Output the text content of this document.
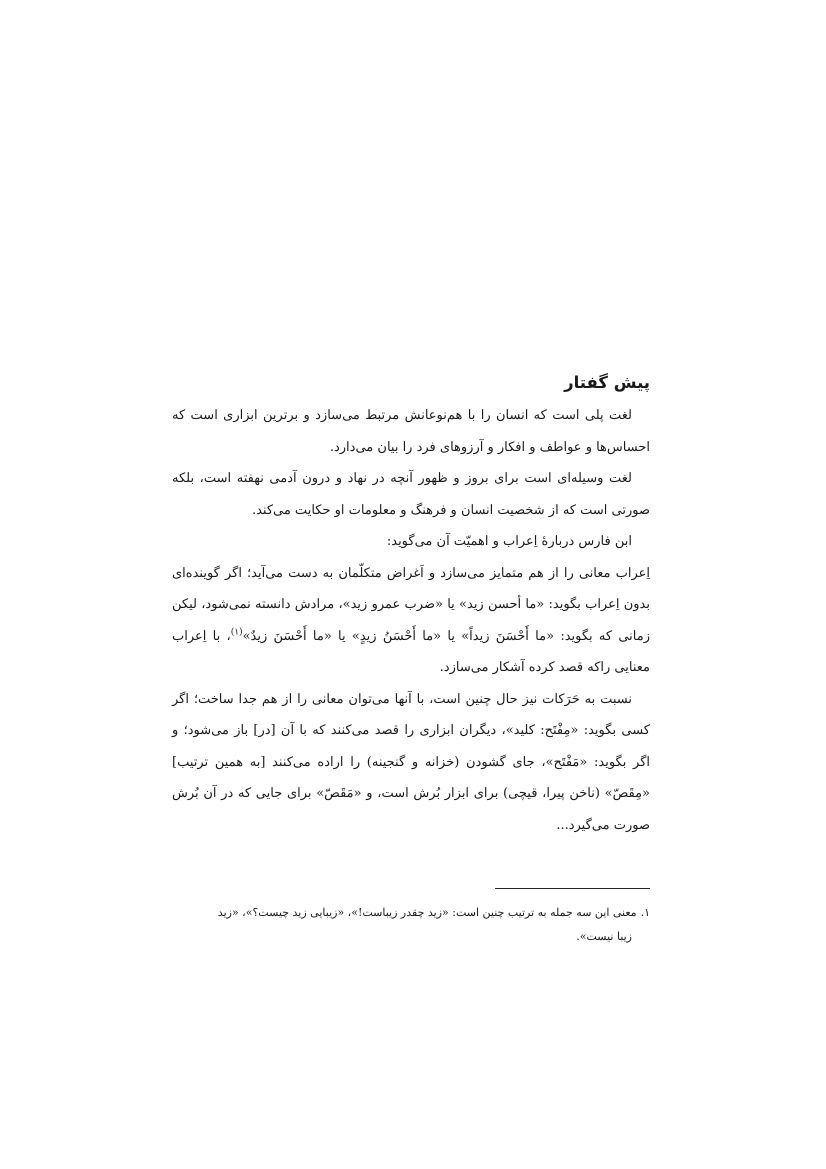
پیش گفتار

لغت پلی است که انسان را با هم‌نوعانش مرتبط می‌سازد و برترین ابزاری است که احساس‌ها و عواطف و افکار و آرزوهای فرد را بیان می‌دارد.

لغت وسیله‌ای است برای بروز و ظهور آنچه در نهاد و درون آدمی نهفته است، بلکه صورتی است که از شخصیت انسان و فرهنگ و معلومات او حکایت می‌کند.

ابن فارس دربارهٔ اِعراب و اهمیّت آن می‌گوید:

اِعراب معانی را از هم متمایز می‌سازد و اَغراض متکلّمان به دست می‌آید؛ اگر گوینده‌ای بدون اِعراب بگوید: «ما أحسن زید» یا «ضرب عمرو زید»، مرادش دانسته نمی‌شود، لیکن زمانی که بگوید: «ما أَحْسَنَ زیداً» یا «ما أَحْسَنُ زیدٍ» یا «ما أَحْسَنَ زیدٌ»$^{(۱)}$، با اِعراب معنایی راکه قصد کرده آشکار می‌سازد.

نسبت به حَرَکات نیز حال چنین است، با آنها می‌توان معانی را از هم جدا ساخت؛ اگر کسی بگوید: «مِفْتَح: کلید»، دیگران ابزاری را قصد می‌کنند که با آن [در] باز می‌شود؛ و اگر بگوید: «مَفْتَح»، جای گشودن (خزانه و گنجینه) را اراده می‌کنند [به همین ترتیب] «مِقَصّ» (ناخن پیرا، قیچی) برای ابزار بُرش است، و «مَقَصّ» برای جایی که در آن بُرش صورت می‌گیرد...

۱.معنی این سه جمله به ترتیب چنین است: «زید چقدر زیباست!»، «زیبایی زید چیست؟»، «زید
زیبا نیست».
